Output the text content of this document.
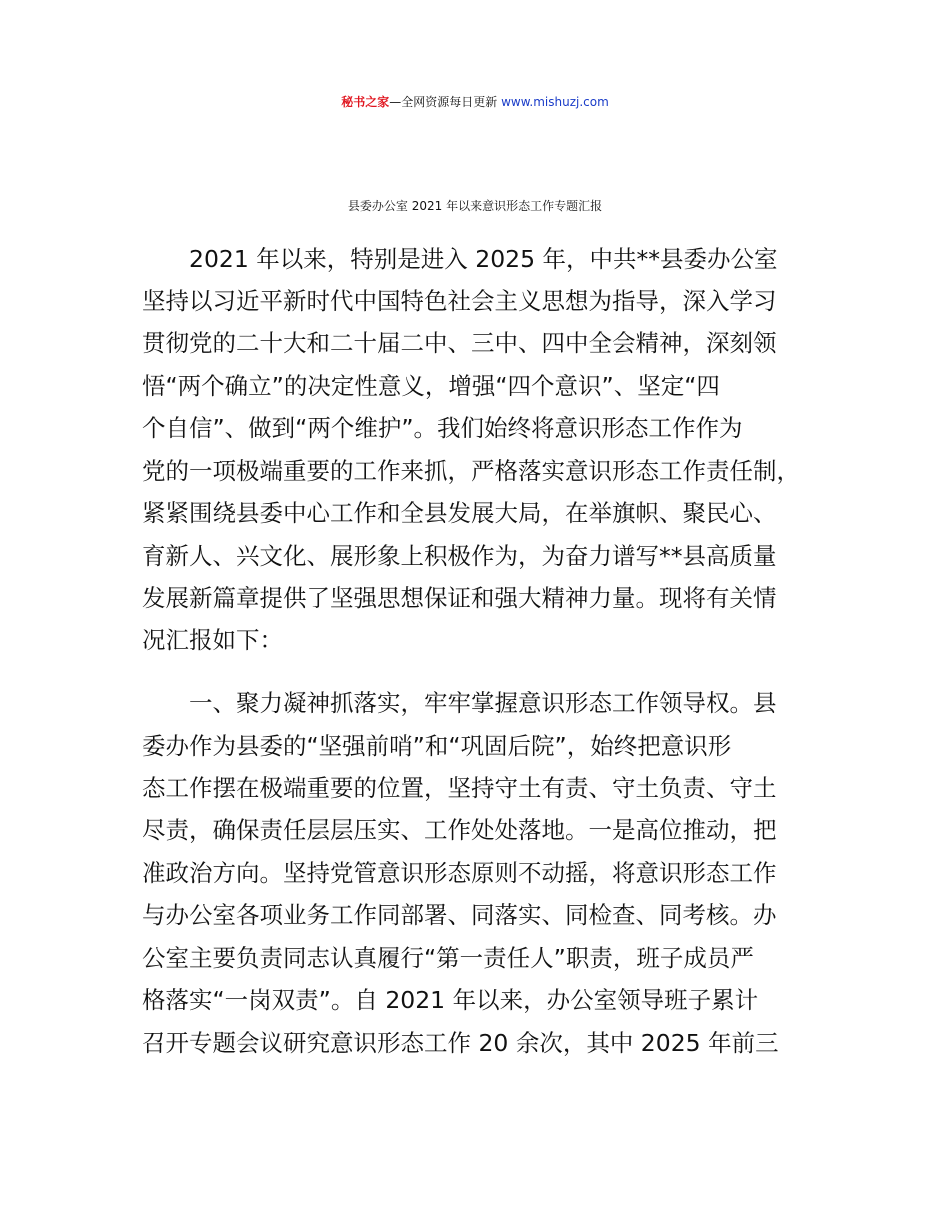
秘书之家—全网资源每日更新 www.mishuzj.com
县委办公室 2021 年以来意识形态工作专题汇报
2021 年以来，特别是进入 2025 年，中共**县委办公室
坚持以习近平新时代中国特色社会主义思想为指导，深入学习
贯彻党的二十大和二十届二中、三中、四中全会精神，深刻领
悟“两个确立”的决定性意义，增强“四个意识”、坚定“四
个自信”、做到“两个维护”。我们始终将意识形态工作作为
党的一项极端重要的工作来抓，严格落实意识形态工作责任制，
紧紧围绕县委中心工作和全县发展大局，在举旗帜、聚民心、
育新人、兴文化、展形象上积极作为，为奋力谱写**县高质量
发展新篇章提供了坚强思想保证和强大精神力量。现将有关情
况汇报如下：
一、聚力凝神抓落实，牢牢掌握意识形态工作领导权。县
委办作为县委的“坚强前哨”和“巩固后院”，始终把意识形
态工作摆在极端重要的位置，坚持守土有责、守土负责、守土
尽责，确保责任层层压实、工作处处落地。一是高位推动，把
准政治方向。坚持党管意识形态原则不动摇，将意识形态工作
与办公室各项业务工作同部署、同落实、同检查、同考核。办
公室主要负责同志认真履行“第一责任人”职责，班子成员严
格落实“一岗双责”。自 2021 年以来，办公室领导班子累计
召开专题会议研究意识形态工作 20 余次，其中 2025 年前三
